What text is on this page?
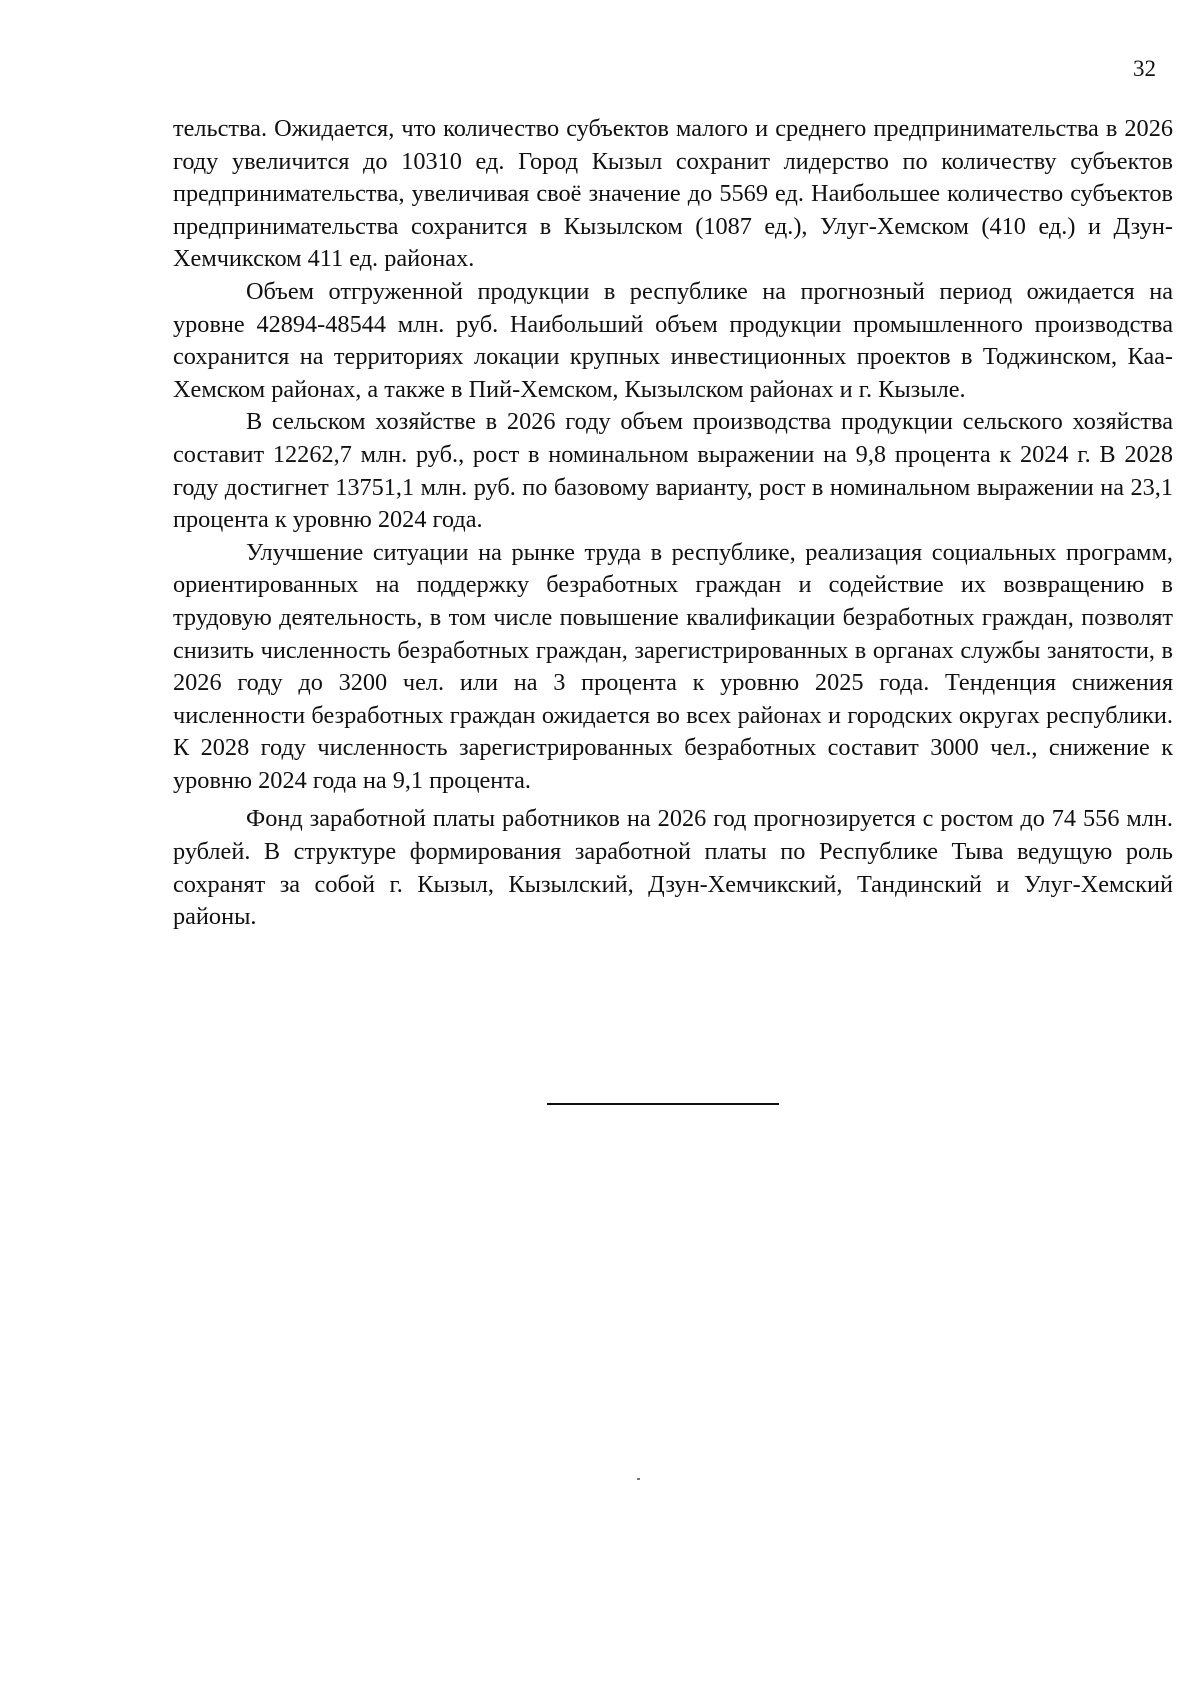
32

тельства. Ожидается, что количество субъектов малого и среднего предпринимательства в 2026 году увеличится до 10310 ед. Город Кызыл сохранит лидерство по количеству субъектов предпринимательства, увеличивая своё значение до 5569 ед. Наибольшее количество субъектов предпринимательства сохранится в Кызылском (1087 ед.), Улуг-Хемском (410 ед.) и Дзун-Хемчикском 411 ед. районах.

Объем отгруженной продукции в республике на прогнозный период ожидается на уровне 42894-48544 млн. руб. Наибольший объем продукции промышленного производства сохранится на территориях локации крупных инвестиционных проектов в Тоджинском, Каа-Хемском районах, а также в Пий-Хемском, Кызылском районах и г. Кызыле.

В сельском хозяйстве в 2026 году объем производства продукции сельского хозяйства составит 12262,7 млн. руб., рост в номинальном выражении на 9,8 процента к 2024 г. В 2028 году достигнет 13751,1 млн. руб. по базовому варианту, рост в номинальном выражении на 23,1 процента к уровню 2024 года.

Улучшение ситуации на рынке труда в республике, реализация социальных программ, ориентированных на поддержку безработных граждан и содействие их возвращению в трудовую деятельность, в том числе повышение квалификации безработных граждан, позволят снизить численность безработных граждан, зарегистрированных в органах службы занятости, в 2026 году до 3200 чел. или на 3 процента к уровню 2025 года. Тенденция снижения численности безработных граждан ожидается во всех районах и городских округах республики. К 2028 году численность зарегистрированных безработных составит 3000 чел., снижение к уровню 2024 года на 9,1 процента.

Фонд заработной платы работников на 2026 год прогнозируется с ростом до 74 556 млн. рублей. В структуре формирования заработной платы по Республике Тыва ведущую роль сохранят за собой г. Кызыл, Кызылский, Дзун-Хемчикский, Тандинский и Улуг-Хемский районы.
